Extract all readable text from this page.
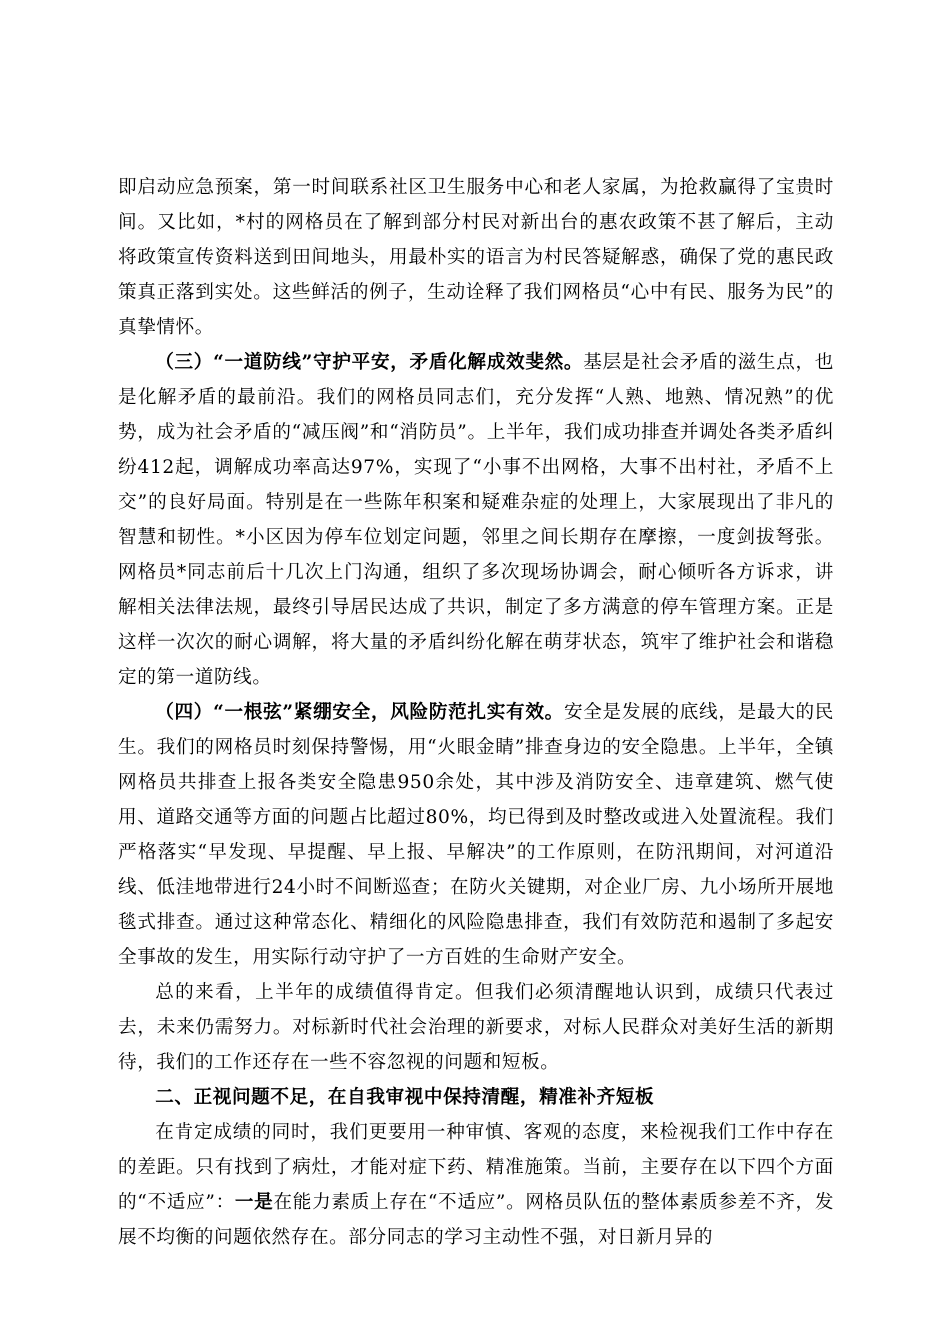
即启动应急预案，第一时间联系社区卫生服务中心和老人家属，为抢救赢得了宝贵时间。又比如，*村的网格员在了解到部分村民对新出台的惠农政策不甚了解后，主动将政策宣传资料送到田间地头，用最朴实的语言为村民答疑解惑，确保了党的惠民政策真正落到实处。这些鲜活的例子，生动诠释了我们网格员“心中有民、服务为民”的真挚情怀。

（三）“一道防线”守护平安，矛盾化解成效斐然。基层是社会矛盾的滋生点，也是化解矛盾的最前沿。我们的网格员同志们，充分发挥“人熟、地熟、情况熟”的优势，成为社会矛盾的“减压阀”和“消防员”。上半年，我们成功排查并调处各类矛盾纠纷412起，调解成功率高达97%，实现了“小事不出网格，大事不出村社，矛盾不上交”的良好局面。特别是在一些陈年积案和疑难杂症的处理上，大家展现出了非凡的智慧和韧性。*小区因为停车位划定问题，邻里之间长期存在摩擦，一度剑拔弩张。网格员*同志前后十几次上门沟通，组织了多次现场协调会，耐心倾听各方诉求，讲解相关法律法规，最终引导居民达成了共识，制定了多方满意的停车管理方案。正是这样一次次的耐心调解，将大量的矛盾纠纷化解在萌芽状态，筑牢了维护社会和谐稳定的第一道防线。

（四）“一根弦”紧绷安全，风险防范扎实有效。安全是发展的底线，是最大的民生。我们的网格员时刻保持警惕，用“火眼金睛”排查身边的安全隐患。上半年，全镇网格员共排查上报各类安全隐患950余处，其中涉及消防安全、违章建筑、燃气使用、道路交通等方面的问题占比超过80%，均已得到及时整改或进入处置流程。我们严格落实“早发现、早提醒、早上报、早解决”的工作原则，在防汛期间，对河道沿线、低洼地带进行24小时不间断巡查；在防火关键期，对企业厂房、九小场所开展地毯式排查。通过这种常态化、精细化的风险隐患排查，我们有效防范和遏制了多起安全事故的发生，用实际行动守护了一方百姓的生命财产安全。

总的来看，上半年的成绩值得肯定。但我们必须清醒地认识到，成绩只代表过去，未来仍需努力。对标新时代社会治理的新要求，对标人民群众对美好生活的新期待，我们的工作还存在一些不容忽视的问题和短板。

二、正视问题不足，在自我审视中保持清醒，精准补齐短板

在肯定成绩的同时，我们更要用一种审慎、客观的态度，来检视我们工作中存在的差距。只有找到了病灶，才能对症下药、精准施策。当前，主要存在以下四个方面的“不适应”：一是在能力素质上存在“不适应”。网格员队伍的整体素质参差不齐，发展不均衡的问题依然存在。部分同志的学习主动性不强，对日新月异的
